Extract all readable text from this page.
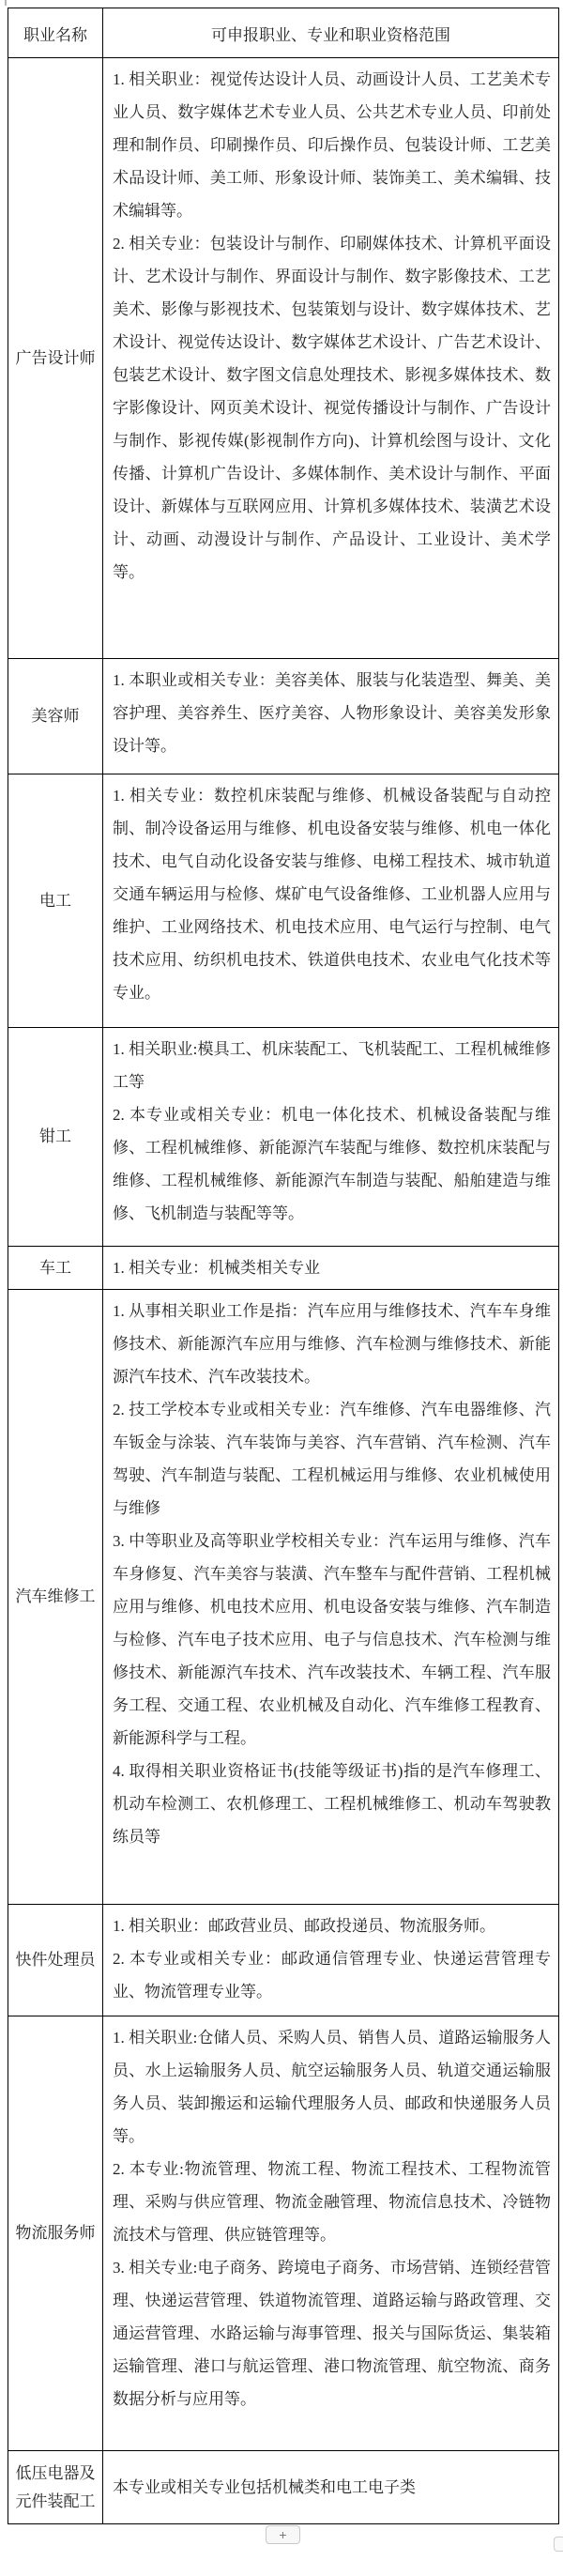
职业名称	可申报职业、专业和职业资格范围
广告设计师	1. 相关职业：视觉传达设计人员、动画设计人员、工艺美术专业人员、数字媒体艺术专业人员、公共艺术专业人员、印前处理和制作员、印刷操作员、印后操作员、包装设计师、工艺美术品设计师、美工师、形象设计师、装饰美工、美术编辑、技术编辑等。

2. 相关专业：包装设计与制作、印刷媒体技术、计算机平面设计、艺术设计与制作、界面设计与制作、数字影像技术、工艺美术、影像与影视技术、包装策划与设计、数字媒体技术、艺术设计、视觉传达设计、数字媒体艺术设计、广告艺术设计、包装艺术设计、数字图文信息处理技术、影视多媒体技术、数字影像设计、网页美术设计、视觉传播设计与制作、广告设计与制作、影视传媒(影视制作方向)、计算机绘图与设计、文化传播、计算机广告设计、多媒体制作、美术设计与制作、平面设计、新媒体与互联网应用、计算机多媒体技术、装潢艺术设计、动画、动漫设计与制作、产品设计、工业设计、美术学等。

美容师	1. 本职业或相关专业：美容美体、服装与化装造型、舞美、美容护理、美容养生、医疗美容、人物形象设计、美容美发形象设计等。

电工	1. 相关专业：数控机床装配与维修、机械设备装配与自动控制、制冷设备运用与维修、机电设备安装与维修、机电一体化技术、电气自动化设备安装与维修、电梯工程技术、城市轨道交通车辆运用与检修、煤矿电气设备维修、工业机器人应用与维护、工业网络技术、机电技术应用、电气运行与控制、电气技术应用、纺织机电技术、铁道供电技术、农业电气化技术等专业。

钳工	1. 相关职业:模具工、机床装配工、飞机装配工、工程机械维修工等

2. 本专业或相关专业：机电一体化技术、机械设备装配与维修、工程机械维修、新能源汽车装配与维修、数控机床装配与维修、工程机械维修、新能源汽车制造与装配、船舶建造与维修、飞机制造与装配等等。

车工	1. 相关专业：机械类相关专业

汽车维修工	1. 从事相关职业工作是指：汽车应用与维修技术、汽车车身维修技术、新能源汽车应用与维修、汽车检测与维修技术、新能源汽车技术、汽车改装技术。

2. 技工学校本专业或相关专业：汽车维修、汽车电器维修、汽车钣金与涂装、汽车装饰与美容、汽车营销、汽车检测、汽车驾驶、汽车制造与装配、工程机械运用与维修、农业机械使用与维修

3. 中等职业及高等职业学校相关专业：汽车运用与维修、汽车车身修复、汽车美容与装潢、汽车整车与配件营销、工程机械应用与维修、机电技术应用、机电设备安装与维修、汽车制造与检修、汽车电子技术应用、电子与信息技术、汽车检测与维修技术、新能源汽车技术、汽车改装技术、车辆工程、汽车服务工程、交通工程、农业机械及自动化、汽车维修工程教育、新能源科学与工程。

4. 取得相关职业资格证书(技能等级证书)指的是汽车修理工、机动车检测工、农机修理工、工程机械维修工、机动车驾驶教练员等

快件处理员	1. 相关职业：邮政营业员、邮政投递员、物流服务师。

2. 本专业或相关专业：邮政通信管理专业、快递运营管理专业、物流管理专业等。

物流服务师	1. 相关职业:仓储人员、采购人员、销售人员、道路运输服务人员、水上运输服务人员、航空运输服务人员、轨道交通运输服务人员、装卸搬运和运输代理服务人员、邮政和快递服务人员等。

2. 本专业:物流管理、物流工程、物流工程技术、工程物流管理、采购与供应管理、物流金融管理、物流信息技术、冷链物流技术与管理、供应链管理等。

3. 相关专业:电子商务、跨境电子商务、市场营销、连锁经营管理、快递运营管理、铁道物流管理、道路运输与路政管理、交通运营管理、水路运输与海事管理、报关与国际货运、集装箱运输管理、港口与航运管理、港口物流管理、航空物流、商务数据分析与应用等。

低压电器及元件装配工	本专业或相关专业包括机械类和电工电子类

+
